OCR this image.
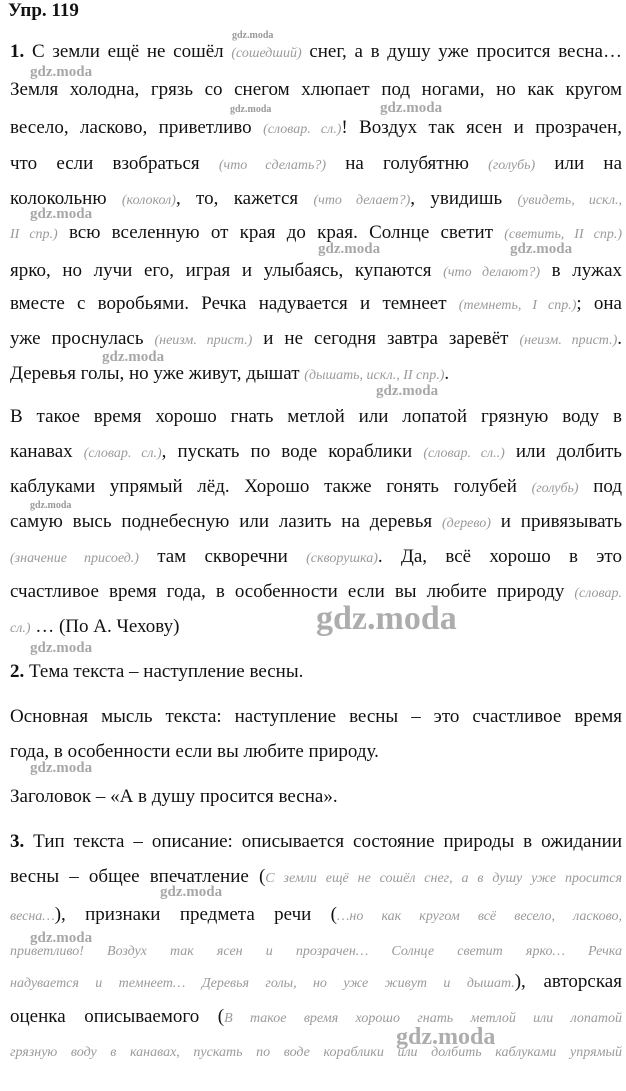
Упр. 119
1. С земли ещё не сошёл (сошедший) снег, а в душу уже просится весна…
Земля холодна, грязь со снегом хлюпает под ногами, но как кругом
весело, ласково, приветливо (словар. сл.)! Воздух так ясен и прозрачен,
что если взобраться (что сделать?) на голубятню (голубь) или на
колокольню (колокол), то, кажется (что делает?), увидишь (увидеть, искл.,
II спр.) всю вселенную от края до края. Солнце светит (светить, II спр.)
ярко, но лучи его, играя и улыбаясь, купаются (что делают?) в лужах
вместе с воробьями. Речка надувается и темнеет (темнеть, I спр.); она
уже проснулась (неизм. прист.) и не сегодня завтра заревёт (неизм. прист.).
Деревья голы, но уже живут, дышат (дышать, искл., II спр.).
В такое время хорошо гнать метлой или лопатой грязную воду в
канавах (словар. сл.), пускать по воде кораблики (словар. сл..) или долбить
каблуками упрямый лёд. Хорошо также гонять голубей (голубь) под
самую высь поднебесную или лазить на деревья (дерево) и привязывать
(значение присоед.) там скворечни (скворушка). Да, всё хорошо в это
счастливое время года, в особенности если вы любите природу (словар.
сл.) … (По А. Чехову)
2. Тема текста – наступление весны.
Основная мысль текста: наступление весны – это счастливое время
года, в особенности если вы любите природу.
Заголовок – «А в душу просится весна».
3. Тип текста – описание: описывается состояние природы в ожидании
весны – общее впечатление (С земли ещё не сошёл снег, а в душу уже просится
весна…), признаки предмета речи (…но как кругом всё весело, ласково,
приветливо! Воздух так ясен и прозрачен… Солнце светит ярко… Речка
надувается и темнеет… Деревья голы, но уже живут и дышат.), авторская
оценка описываемого (В такое время хорошо гнать метлой или лопатой
грязную воду в канавах, пускать по воде кораблики или долбить каблуками упрямый
gdz.moda
gdz.moda
gdz.moda	gdz.moda
gdz.moda
gdz.moda	gdz.moda
gdz.moda
gdz.moda
gdz.moda
gdz.moda
gdz.moda
gdz.moda
gdz.moda
gdz.moda
gdz.moda
